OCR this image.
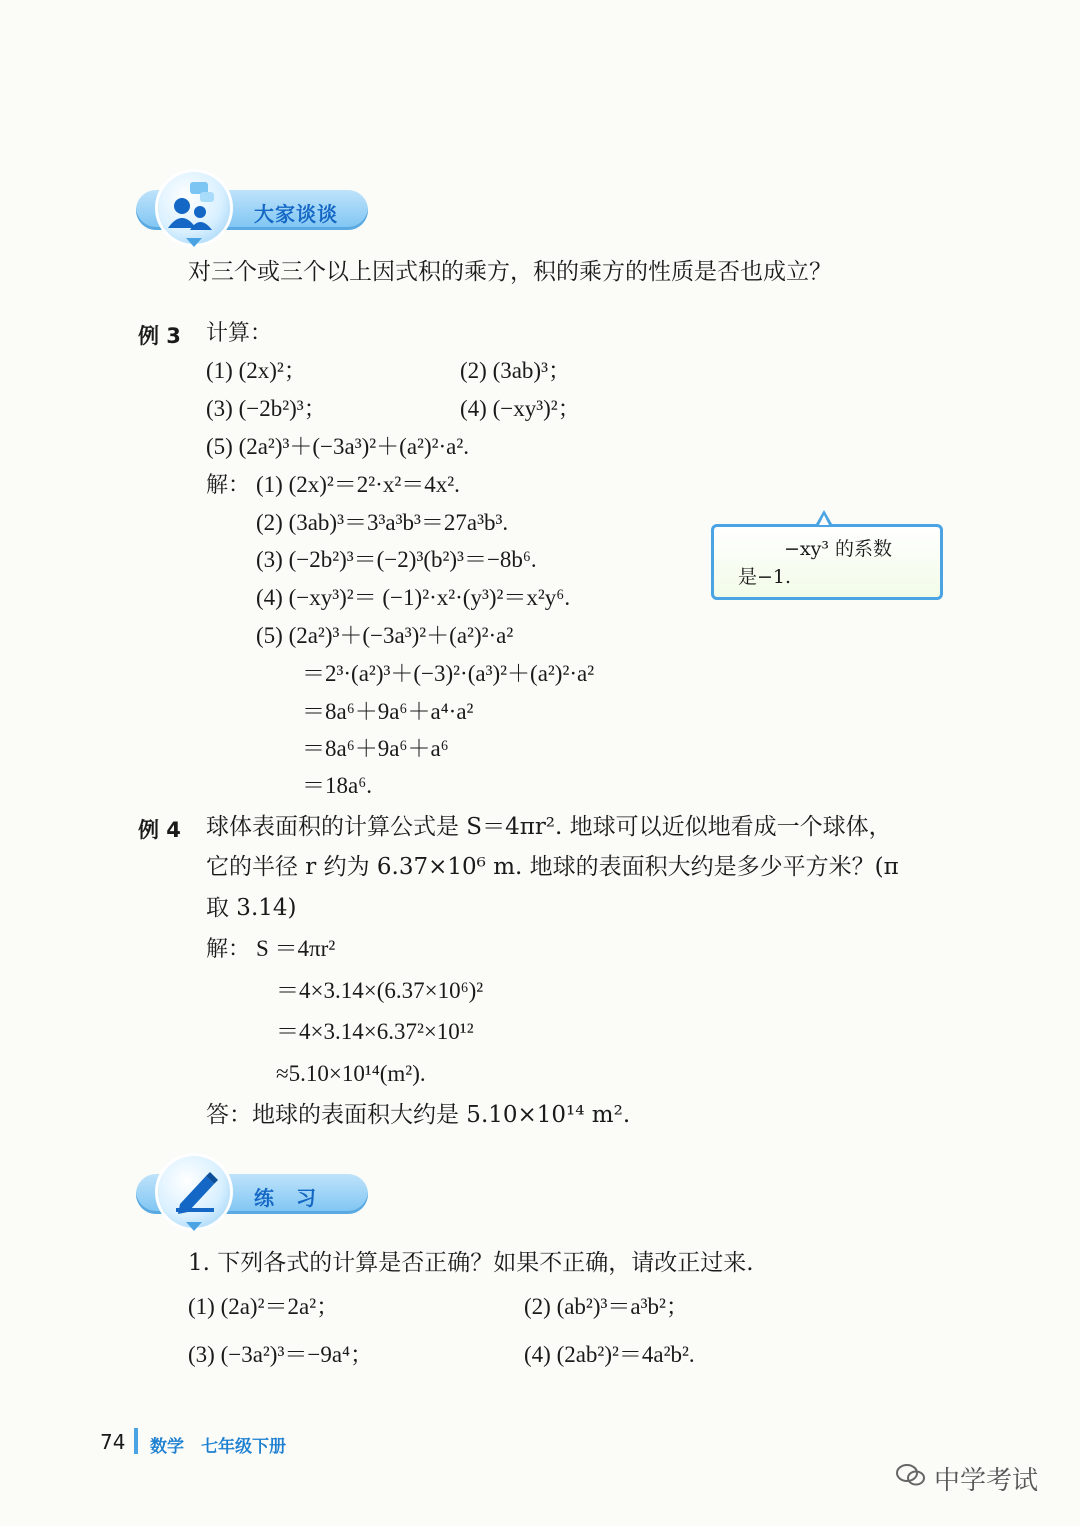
大家谈谈
对三个或三个以上因式积的乘方，积的乘方的性质是否也成立？
例 3 计算：
(1) (2x)²；	(2) (3ab)³；
(3) (−2b²)³；	(4) (−xy³)²；
(5) (2a²)³＋(−3a³)²＋(a²)²·a².
解： (1) (2x)²＝2²·x²＝4x².
(2) (3ab)³＝3³a³b³＝27a³b³.
(3) (−2b²)³＝(−2)³(b²)³＝−8b⁶.
(4) (−xy³)²＝ (−1)²·x²·(y³)²＝x²y⁶.
(5) (2a²)³＋(−3a³)²＋(a²)²·a²
＝2³·(a²)³＋(−3)²·(a³)²＋(a²)²·a²
＝8a⁶＋9a⁶＋a⁴·a²
＝8a⁶＋9a⁶＋a⁶
＝18a⁶.
−xy³ 的系数
是−1.
例 4 球体表面积的计算公式是 S＝4πr². 地球可以近似地看成一个球体，
它的半径 r 约为 6.37×10⁶ m. 地球的表面积大约是多少平方米？(π
取 3.14)
解： S ＝4πr²
＝4×3.14×(6.37×10⁶)²
＝4×3.14×6.37²×10¹²
≈5.10×10¹⁴(m²).
答：地球的表面积大约是 5.10×10¹⁴ m².
练　习
1. 下列各式的计算是否正确？如果不正确，请改正过来.
(1) (2a)²＝2a²；	(2) (ab²)³＝a³b²；
(3) (−3a²)³＝−9a⁴；	(4) (2ab²)²＝4a²b².
74 数学　七年级下册
中学考试
